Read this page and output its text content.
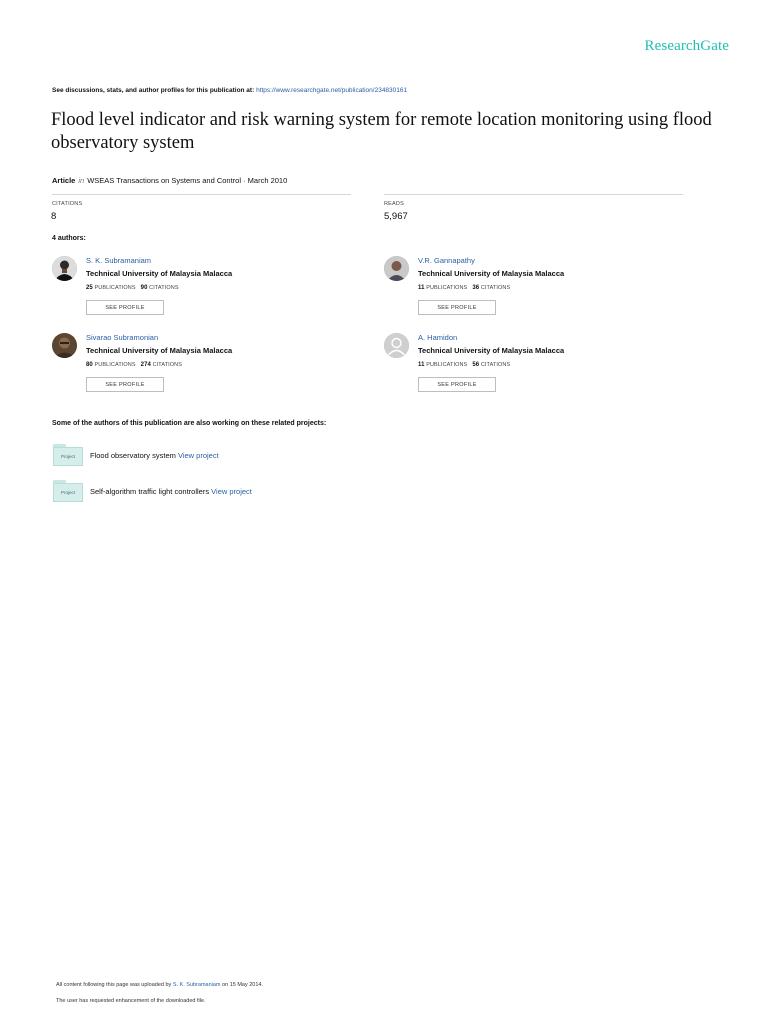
ResearchGate
See discussions, stats, and author profiles for this publication at: https://www.researchgate.net/publication/234830161
Flood level indicator and risk warning system for remote location monitoring using flood observatory system
Article in WSEAS Transactions on Systems and Control · March 2010
CITATIONS
8
READS
5,967
4 authors:
S. K. Subramaniam
Technical University of Malaysia Malacca
25 PUBLICATIONS 90 CITATIONS
SEE PROFILE
V.R. Gannapathy
Technical University of Malaysia Malacca
11 PUBLICATIONS 36 CITATIONS
SEE PROFILE
Sivarao Subramonian
Technical University of Malaysia Malacca
80 PUBLICATIONS 274 CITATIONS
SEE PROFILE
A. Hamidon
Technical University of Malaysia Malacca
11 PUBLICATIONS 56 CITATIONS
SEE PROFILE
Some of the authors of this publication are also working on these related projects:
Project	Flood observatory system View project
Project	Self-algorithm traffic light controllers View project
All content following this page was uploaded by S. K. Subramaniam on 15 May 2014.
The user has requested enhancement of the downloaded file.
